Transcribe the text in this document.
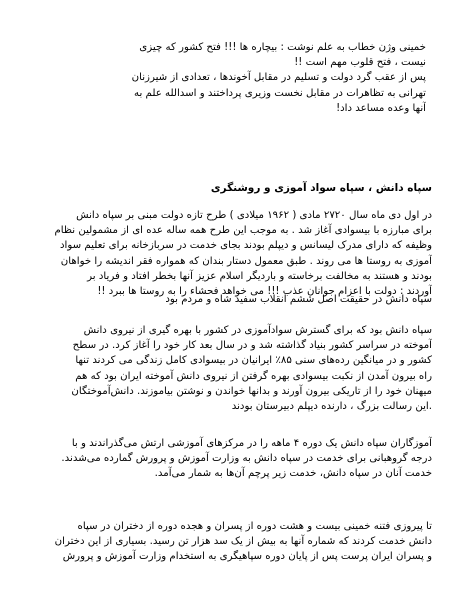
خمینی وژن خطاب به علم نوشت : بیچاره ها !!! فتح کشور که چیزی
نیست ، فتح قلوب مهم است !!
پس از عقب گرد دولت و تسلیم در مقابل آخوندها ، تعدادی از شیرزنان
تهرانی به تظاهرات در مقابل نخست وزیری پرداختند و اسدالله علم به
آنها وعده مساعد داد!
سپاه دانش ، سپاه سواد آموزی و روشنگری
در اول دی ماه سال ۲۷۲۰ مادی ( ۱۹۶۲ میلادی ) طرح تازه دولت مبنی بر سپاه دانش
برای مبارزه با بیسوادی آغاز شد . به موجب این طرح همه ساله عده ای از مشمولین نظام
وظیفه که دارای مدرک لیسانس و دیپلم بودند بجای خدمت در سربازخانه برای تعلیم سواد
آموزی به روستا ها می روند . طبق معمول دستار بندان که همواره فقر اندیشه را خواهان
بودند و هستند به مخالفت برخاسته و باردیگر اسلام عزیز آنها بخطر افتاد و فریاد بر
آوردند : دولت با اعزام جوانان عذب !!! می خواهد فحشاء را به روستا ها ببرد !!
سپاه دانش در حقیقت اصل ششم انقلاب سفید شاه و مردم بود
سپاه دانش بود که برای گسترش سوادآموزی در کشور با بهره گیری از نیروی دانش
آموخته در سراسر کشور بنیاد گذاشته شد و در سال بعد کار خود را آغاز کرد. در سطح
کشور و در میانگین رده‌های سنی ۸۵٪ ایرانیان در بیسوادی کامل زندگی می کردند تنها
راه بیرون آمدن از نکبت بیسوادی بهره گرفتن از نیروی دانش آموخته ایران بود که هم
میهنان خود را از تاریکی بیرون آورند و بدانها خواندن و نوشتن بیاموزند. دانش‌آموختگان
.این رسالت بزرگ ، دارنده دیپلم دبیرستان بودند
آموزگاران سپاه دانش یک دوره ۴ ماهه را در مرکزهای آموزشی ارتش می‌گذراندند و با
درجه گروهبانی برای خدمت در سپاه دانش به وزارت آموزش و پرورش گمارده می‌شدند.
خدمت آنان در سپاه دانش، خدمت زیر پرچم آن‌ها به شمار می‌آمد.
تا پیروزی فتنه خمینی بیست و هشت دوره از پسران و هجده دوره از دختران در سپاه
دانش خدمت کردند که شماره آنها به بیش از یک سد هزار تن رسید. بسیاری از این دختران
و پسران ایران پرست پس از پایان دوره سپاهیگری به استخدام وزارت آموزش و پرورش
